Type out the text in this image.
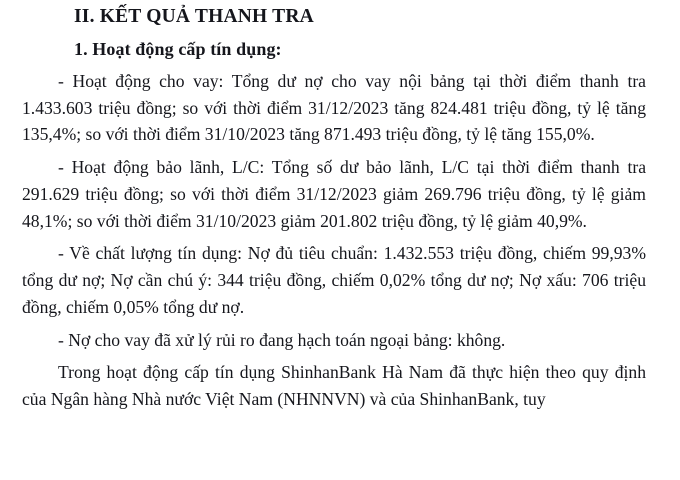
II. KẾT QUẢ THANH TRA
1. Hoạt động cấp tín dụng:

- Hoạt động cho vay: Tổng dư nợ cho vay nội bảng tại thời điểm thanh tra 1.433.603 triệu đồng; so với thời điểm 31/12/2023 tăng 824.481 triệu đồng, tỷ lệ tăng 135,4%; so với thời điểm 31/10/2023 tăng 871.493 triệu đồng, tỷ lệ tăng 155,0%.

- Hoạt động bảo lãnh, L/C: Tổng số dư bảo lãnh, L/C tại thời điểm thanh tra 291.629 triệu đồng; so với thời điểm 31/12/2023 giảm 269.796 triệu đồng, tỷ lệ giảm 48,1%; so với thời điểm 31/10/2023 giảm 201.802 triệu đồng, tỷ lệ giảm 40,9%.

- Về chất lượng tín dụng: Nợ đủ tiêu chuẩn: 1.432.553 triệu đồng, chiếm 99,93% tổng dư nợ; Nợ cần chú ý: 344 triệu đồng, chiếm 0,02% tổng dư nợ; Nợ xấu: 706 triệu đồng, chiếm 0,05% tổng dư nợ.

- Nợ cho vay đã xử lý rủi ro đang hạch toán ngoại bảng: không.

Trong hoạt động cấp tín dụng ShinhanBank Hà Nam đã thực hiện theo quy định của Ngân hàng Nhà nước Việt Nam (NHNNVN) và của ShinhanBank, tuy
